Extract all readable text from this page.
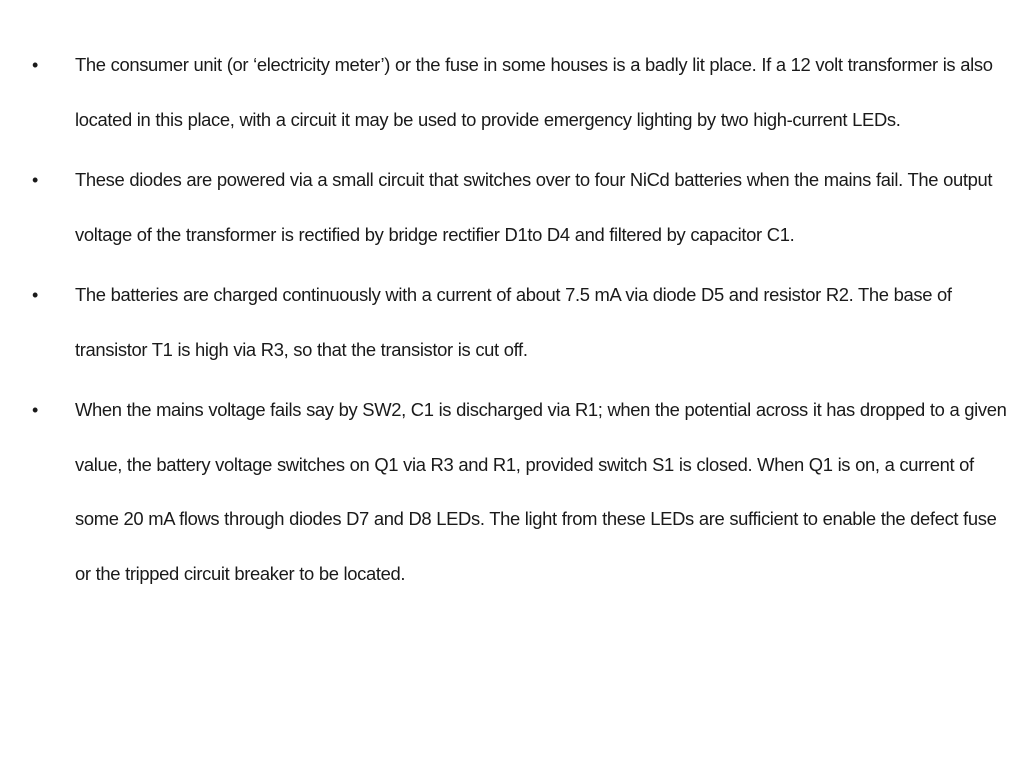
• The consumer unit (or ‘electricity meter’) or the fuse in some houses is a badly lit place. If a 12 volt transformer is also located in this place, with a circuit it may be used to provide emergency lighting by two high-current LEDs.
• These diodes are powered via a small circuit that switches over to four NiCd batteries when the mains fail. The output voltage of the transformer is rectified by bridge rectifier D1to D4 and filtered by capacitor C1.
• The batteries are charged continuously with a current of about 7.5 mA via diode D5 and resistor R2. The base of transistor T1 is high via R3, so that the transistor is cut off.
• When the mains voltage fails say by SW2, C1 is discharged via R1; when the potential across it has dropped to a given value, the battery voltage switches on Q1 via R3 and R1, provided switch S1 is closed. When Q1 is on, a current of some 20 mA flows through diodes D7 and D8 LEDs. The light from these LEDs are sufficient to enable the defect fuse or the tripped circuit breaker to be located.
